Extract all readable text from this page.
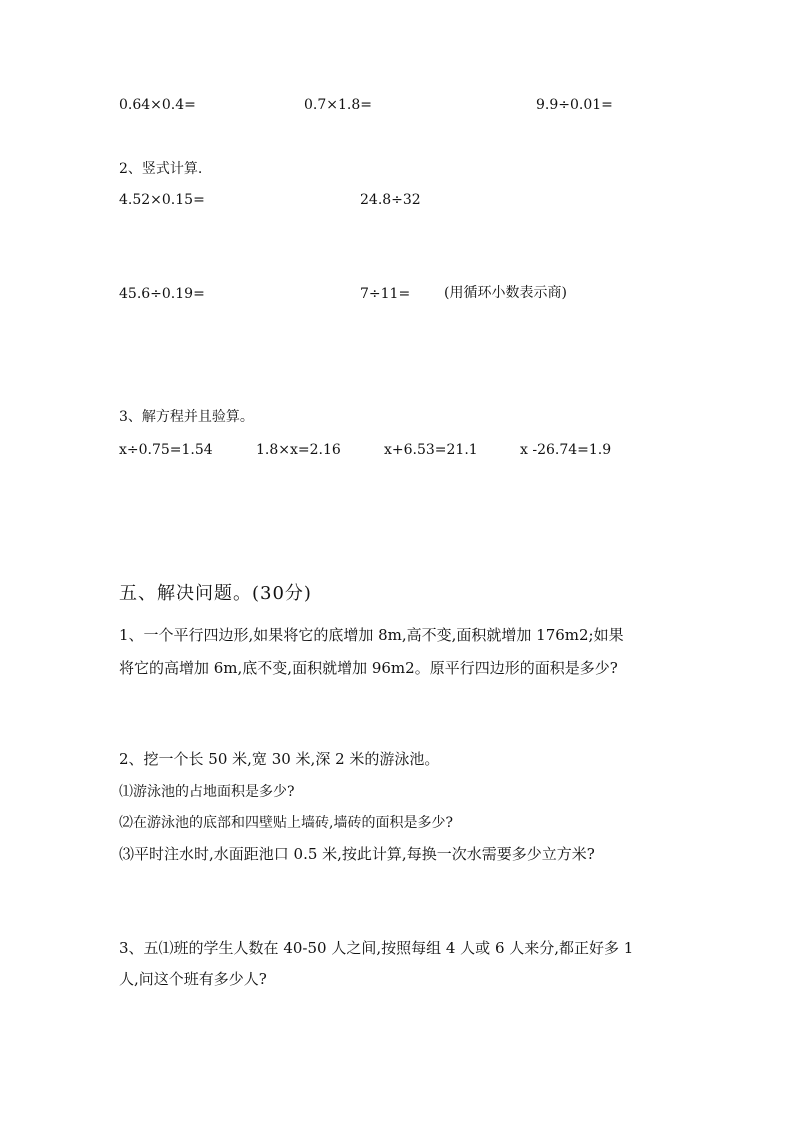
0.64×0.4=	0.7×1.8=	9.9÷0.01=
2、竖式计算.
4.52×0.15=	24.8÷32
45.6÷0.19=	7÷11= (用循环小数表示商)
3、解方程并且验算。
x÷0.75=1.54	1.8×x=2.16	x+6.53=21.1	x -26.74=1.9
五、解决问题。(30分)
1、一个平行四边形,如果将它的底增加 8m,高不变,面积就增加 176m2;如果
将它的高增加 6m,底不变,面积就增加 96m2。原平行四边形的面积是多少?
2、挖一个长 50 米,宽 30 米,深 2 米的游泳池。
⑴游泳池的占地面积是多少?
⑵在游泳池的底部和四壁贴上墙砖,墙砖的面积是多少?
⑶平时注水时,水面距池口 0.5 米,按此计算,每换一次水需要多少立方米?
3、五⑴班的学生人数在 40-50 人之间,按照每组 4 人或 6 人来分,都正好多 1
人,问这个班有多少人?
